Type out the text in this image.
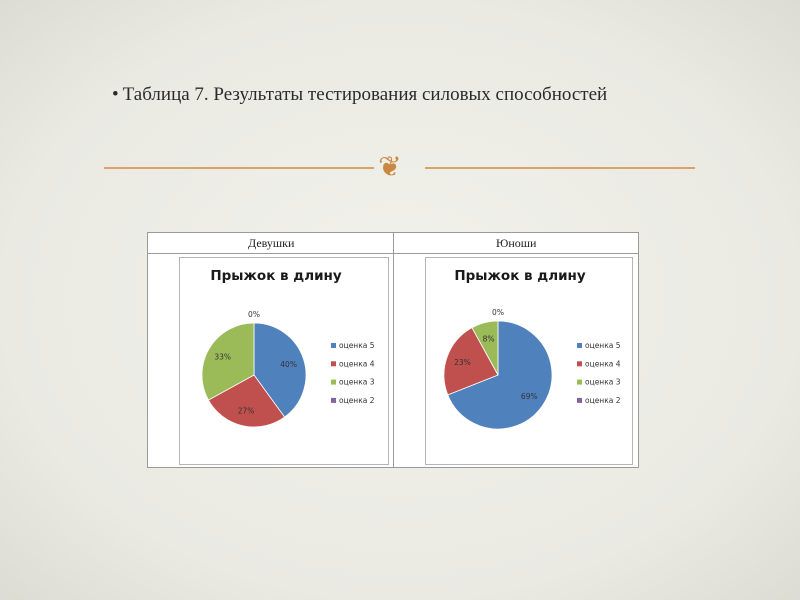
• Таблица 7. Результаты тестирования силовых способностей
❦
Девушки	Юноши
Прыжок в длину
40%
27%
33%
0%
оценка 5
оценка 4
оценка 3
оценка 2
Прыжок в длину
69%
23%
8%
0%
оценка 5
оценка 4
оценка 3
оценка 2
